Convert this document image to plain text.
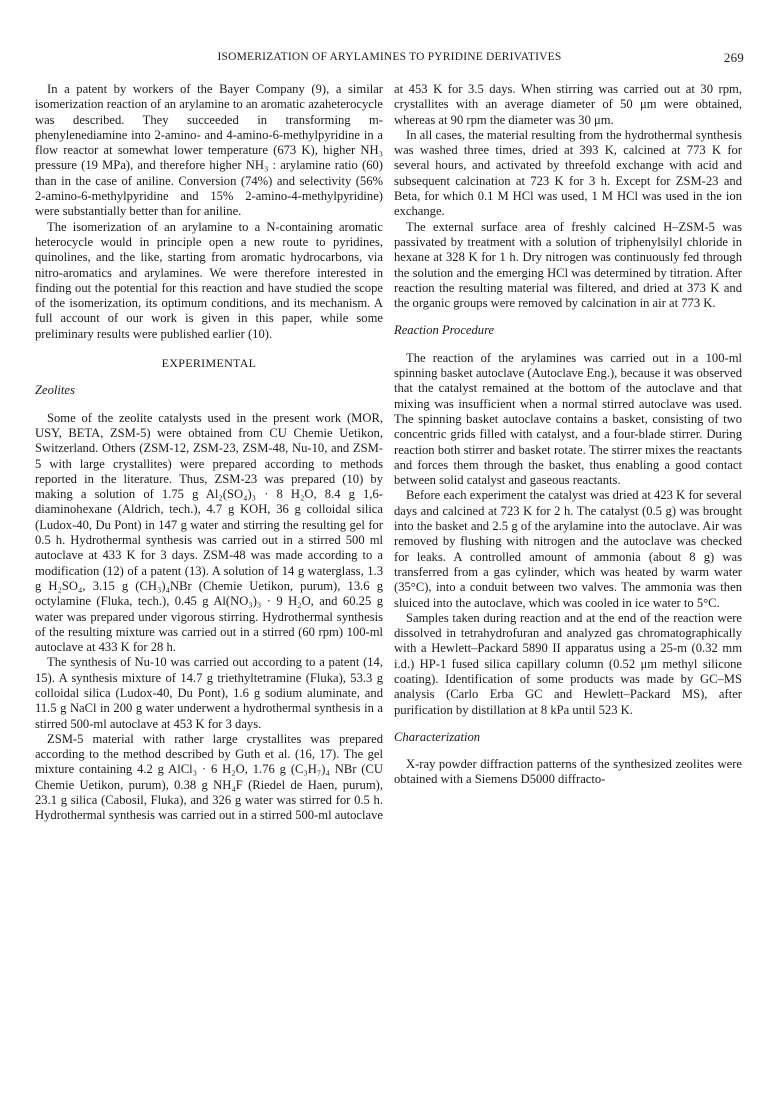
ISOMERIZATION OF ARYLAMINES TO PYRIDINE DERIVATIVES	269

In a patent by workers of the Bayer Company (9), a similar isomerization reaction of an arylamine to an aromatic azaheterocycle was described. They succeeded in transforming m-phenylenediamine into 2-amino- and 4-amino-6-methylpyridine in a flow reactor at somewhat lower temperature (673 K), higher NH₃ pressure (19 MPa), and therefore higher NH₃ : arylamine ratio (60) than in the case of aniline. Conversion (74%) and selectivity (56% 2-amino-6-methylpyridine and 15% 2-amino-4-methylpyridine) were substantially better than for aniline.

The isomerization of an arylamine to a N-containing aromatic heterocycle would in principle open a new route to pyridines, quinolines, and the like, starting from aromatic hydrocarbons, via nitro-aromatics and arylamines. We were therefore interested in finding out the potential for this reaction and have studied the scope of the isomerization, its optimum conditions, and its mechanism. A full account of our work is given in this paper, while some preliminary results were published earlier (10).

EXPERIMENTAL
Zeolites

Some of the zeolite catalysts used in the present work (MOR, USY, BETA, ZSM-5) were obtained from CU Chemie Uetikon, Switzerland. Others (ZSM-12, ZSM-23, ZSM-48, Nu-10, and ZSM-5 with large crystallites) were prepared according to methods reported in the literature. Thus, ZSM-23 was prepared (10) by making a solution of 1.75 g Al₂(SO₄)₃ · 8 H₂O, 8.4 g 1,6-diaminohexane (Aldrich, tech.), 4.7 g KOH, 36 g colloidal silica (Ludox-40, Du Pont) in 147 g water and stirring the resulting gel for 0.5 h. Hydrothermal synthesis was carried out in a stirred 500 ml autoclave at 433 K for 3 days. ZSM-48 was made according to a modification (12) of a patent (13). A solution of 14 g waterglass, 1.3 g H₂SO₄, 3.15 g (CH₃)₄NBr (Chemie Uetikon, purum), 13.6 g octylamine (Fluka, tech.), 0.45 g Al(NO₃)₃ · 9 H₂O, and 60.25 g water was prepared under vigorous stirring. Hydrothermal synthesis of the resulting mixture was carried out in a stirred (60 rpm) 100-ml autoclave at 433 K for 28 h.

The synthesis of Nu-10 was carried out according to a patent (14, 15). A synthesis mixture of 14.7 g triethyltetramine (Fluka), 53.3 g colloidal silica (Ludox-40, Du Pont), 1.6 g sodium aluminate, and 11.5 g NaCl in 200 g water underwent a hydrothermal synthesis in a stirred 500-ml autoclave at 453 K for 3 days.

ZSM-5 material with rather large crystallites was prepared according to the method described by Guth et al. (16, 17). The gel mixture containing 4.2 g AlCl₃ · 6 H₂O, 1.76 g (C₃H₇)₄ NBr (CU Chemie Uetikon, purum), 0.38 g NH₄F (Riedel de Haen, purum), 23.1 g silica (Cabosil, Fluka), and 326 g water was stirred for 0.5 h. Hydrothermal synthesis was carried out in a stirred 500-ml autoclave

at 453 K for 3.5 days. When stirring was carried out at 30 rpm, crystallites with an average diameter of 50 μm were obtained, whereas at 90 rpm the diameter was 30 μm.

In all cases, the material resulting from the hydrothermal synthesis was washed three times, dried at 393 K, calcined at 773 K for several hours, and activated by threefold exchange with acid and subsequent calcination at 723 K for 3 h. Except for ZSM-23 and Beta, for which 0.1 M HCl was used, 1 M HCl was used in the ion exchange.

The external surface area of freshly calcined H–ZSM-5 was passivated by treatment with a solution of triphenylsilyl chloride in hexane at 328 K for 1 h. Dry nitrogen was continuously fed through the solution and the emerging HCl was determined by titration. After reaction the resulting material was filtered, and dried at 373 K and the organic groups were removed by calcination in air at 773 K.

Reaction Procedure

The reaction of the arylamines was carried out in a 100-ml spinning basket autoclave (Autoclave Eng.), because it was observed that the catalyst remained at the bottom of the autoclave and that mixing was insufficient when a normal stirred autoclave was used. The spinning basket autoclave contains a basket, consisting of two concentric grids filled with catalyst, and a four-blade stirrer. During reaction both stirrer and basket rotate. The stirrer mixes the reactants and forces them through the basket, thus enabling a good contact between solid catalyst and gaseous reactants.

Before each experiment the catalyst was dried at 423 K for several days and calcined at 723 K for 2 h. The catalyst (0.5 g) was brought into the basket and 2.5 g of the arylamine into the autoclave. Air was removed by flushing with nitrogen and the autoclave was checked for leaks. A controlled amount of ammonia (about 8 g) was transferred from a gas cylinder, which was heated by warm water (35°C), into a conduit between two valves. The ammonia was then sluiced into the autoclave, which was cooled in ice water to 5°C.

Samples taken during reaction and at the end of the reaction were dissolved in tetrahydrofuran and analyzed gas chromatographically with a Hewlett–Packard 5890 II apparatus using a 25-m (0.32 mm i.d.) HP-1 fused silica capillary column (0.52 μm methyl silicone coating). Identification of some products was made by GC–MS analysis (Carlo Erba GC and Hewlett–Packard MS), after purification by distillation at 8 kPa until 523 K.

Characterization

X-ray powder diffraction patterns of the synthesized zeolites were obtained with a Siemens D5000 diffracto-
